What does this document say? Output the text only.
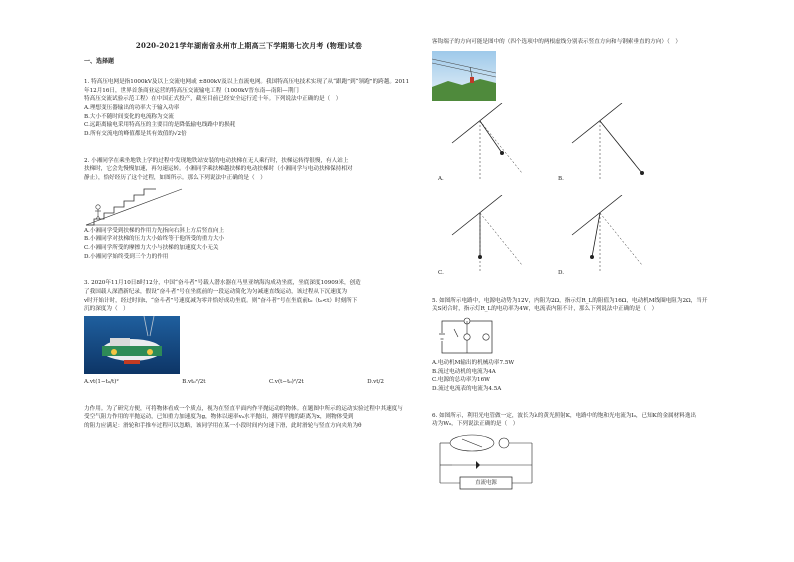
2020-2021学年湖南省永州市上期高三下学期第七次月考 (物理)试卷
一、选择题
1. 特高压电网是指1000kV及以上交流电网或 ±800kV及以上直流电网。我国特高压电技术实现了从“跟跑”到“领跑”的跨越。2011年12月16日，世界首条商业运营的特高压交流输电工程（1000kV晋东南—南阳—荆门
特高压交流试验示范工程）在中国正式投产，截至目前已经安全运行近十年。下列说法中正确的是（　）
A.理想变压器输出的功率大于输入功率
B.大小不随时间变化的电流称为交流
C.远距离输电采用特高压的主要目的是降低输电线路中的损耗
D.所有交流电的峰值都是其有效值的√2倍
2. 小湘同学在乘坐地铁上学的过程中发现地铁站安装的电动扶梯在无人乘行时，扶梯运转得很慢，有人站上
扶梯时，它会先慢慢加速，再匀速运转。小湘同学乘扶梯越扶梯的电动扶梯时（小湘同学与电动扶梯保持相对
静止），恰好经历了这个过程，如图所示。那么下列说法中正确的是（　）
A.小湘同学受到扶梯的作用力先指向右斜上方后竖直向上
B.小湘同学对扶梯的压力大小始终等于他所受的重力大小
C.小湘同学所受的摩擦力大小与扶梯的加速度大小无关
D.小湘同学始终受到三个力的作用
3. 2020年11月10日8时12分，中国“奋斗者”号载人潜水器在马里亚纳海沟成功坐底，坐底深度10909米，创造
了我国载人深潜新纪录，假设“奋斗者”号在坐底前的一段运动简化为匀减速直线运动，该过程从下沉速度为
v时开始计时，经过时间t，“奋斗者”号速度减为零并恰好成功坐底。则“奋斗者”号在坐底前t₀（t₀<t）时刻所下
沉的深度为（　）
A.vt(1−t₀/t)²	B.vt₀²/2t	C.v(t−t₀)²/2t	D.vt/2
力作用。为了研究方便，可将物体看成一个质点，视为在竖直平面内作平抛运动的物体。在题图中所示的运动实验过程中其速度与
受空气阻力作用的平抛运动，已知重力加速度为g，物体以速率v₀水平抛出，测得平抛的距离为x，则物体受到
的阻力应满足：滑轮和手推车过程可以忽略，该同学用在某一小段时间内匀速下滑，此时滑轮与竖直方向夹角为θ
客钩端子的方向可能是图中的（四个选项中的两根虚线分别表示竖直方向和与钢索垂直的方向）（　）
A.	B.
C.	D.
5. 如图所示电路中，电源电动势为12V，内阻为2Ω，指示灯R_L的阻值为16Ω，电动机M线圈电阻为2Ω，当开
关S闭合时，指示灯R_L的电功率为4W，电流表内阻不计，那么下列说法中正确的是（　）
A.电动机M输出的机械功率7.5W
B.流过电动机的电流为4A
C.电源的总功率为16W
D.流过电流表的电流为4.5A
6. 如图所示，利用光电管做一定，波长为λ的黄光照射K，电路中的饱和光电流为I₀，已知K的金属材料逸出
功为W₀，下列说法正确的是（　）
直流电源
